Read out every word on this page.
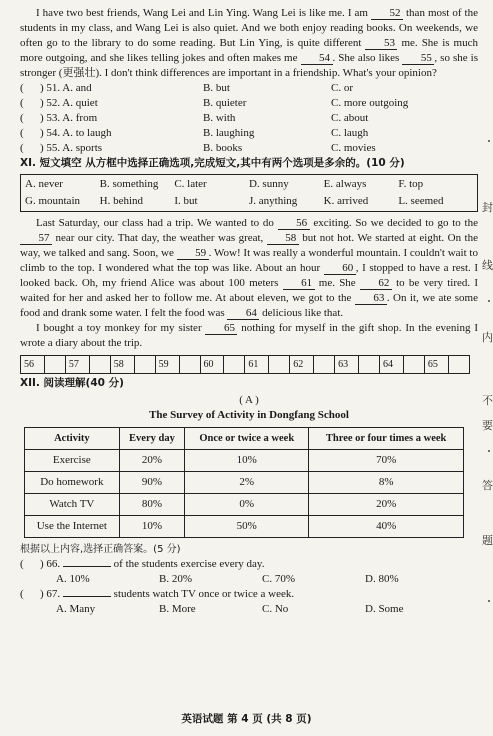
I have two best friends, Wang Lei and Lin Ying. Wang Lei is like me. I am 52 than most of the students in my class, and Wang Lei is also quiet. And we both enjoy reading books. On weekends, we often go to the library to do some reading. But Lin Ying, is quite different 53 me. She is much more outgoing, and she likes telling jokes and often makes me 54 . She also likes 55 , so she is stronger (更强壮). I don't think differences are important in a friendship. What's your opinion?

(	) 51. A. and	B. but	C. or
(	) 52. A. quiet	B. quieter	C. more outgoing
(	) 53. A. from	B. with	C. about
(	) 54. A. to laugh	B. laughing	C. laugh
(	) 55. A. sports	B. books	C. movies

XI. 短文填空 从方框中选择正确选项,完成短文,其中有两个选项是多余的。(10 分)

A. never	B. something	C. later	D. sunny	E. always	F. top
G. mountain	H. behind	I. but	J. anything	K. arrived	L. seemed

Last Saturday, our class had a trip. We wanted to do 56 exciting. So we decided to go to the 57 near our city. That day, the weather was great, 58 but not hot. We started at eight. On the way, we talked and sang. Soon, we 59 . Wow! It was really a wonderful mountain. I couldn't wait to climb to the top. I wondered what the top was like. About an hour 60 , I stopped to have a rest. I looked back. Oh, my friend Alice was about 100 meters 61 me. She 62 to be very tired. I waited for her and asked her to follow me. At about eleven, we got to the 63 . On it, we ate some food and drank some water. I felt the food was 64 delicious like that.

I bought a toy monkey for my sister 65 nothing for myself in the gift shop. In the evening I wrote a diary about the trip.

56		57		58		59		60		61		62		63		64		65	

XII. 阅读理解(40 分)

( A )

The Survey of Activity in Dongfang School

Activity	Every day	Once or twice a week	Three or four times a week
Exercise	20%	10%	70%
Do homework	90%	2%	8%
Watch TV	80%	0%	20%
Use the Internet	10%	50%	40%

根据以上内容,选择正确答案。(5 分)

( ) 66.	of the students exercise every day.

A. 10%	B. 20%	C. 70%	D. 80%

( ) 67.	students watch TV once or twice a week.

A. Many	B. More	C. No	D. Some
英语试题 第 4 页 (共 8 页)
封
线
内
不
要
答
题
